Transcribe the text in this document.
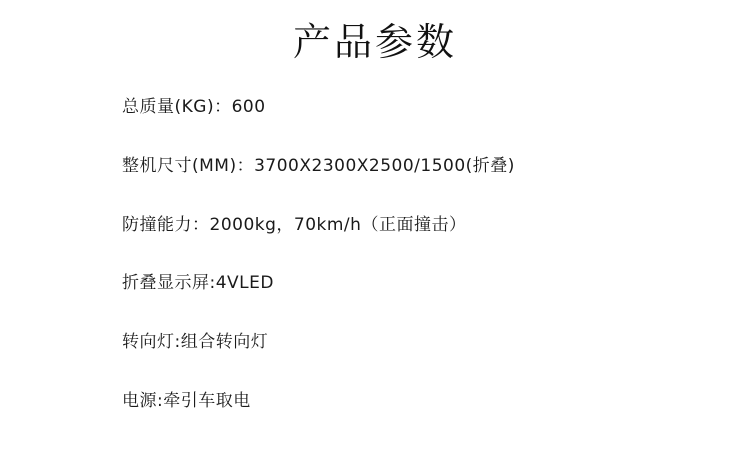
产品参数
总质量(KG)：600
整机尺寸(MM)：3700X2300X2500/1500(折叠)
防撞能力：2000kg，70km/h（正面撞击）
折叠显示屏:4VLED
转向灯:组合转向灯
电源:牵引车取电
